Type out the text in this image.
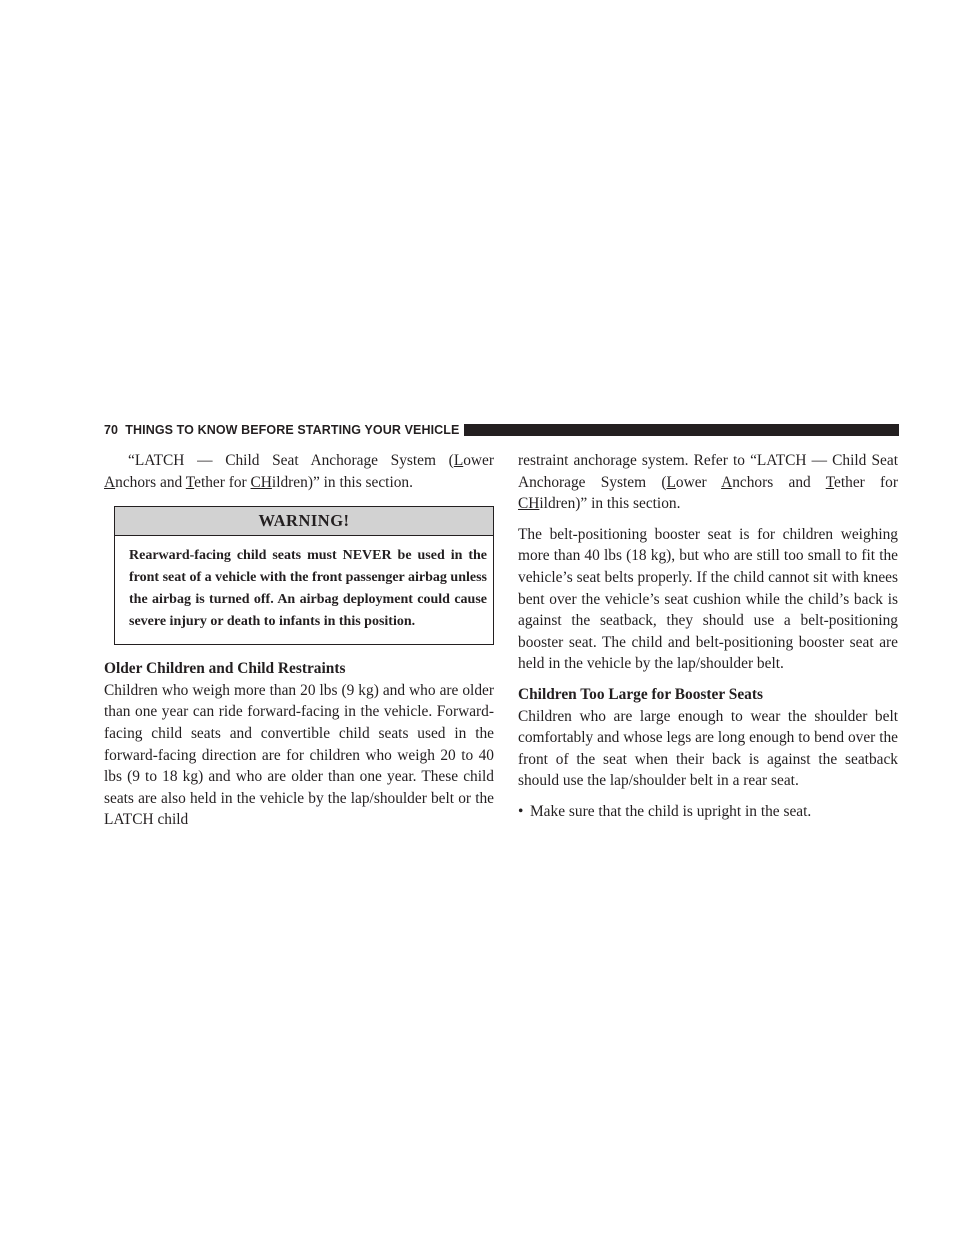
70 THINGS TO KNOW BEFORE STARTING YOUR VEHICLE

“LATCH — Child Seat Anchorage System (Lower Anchors and Tether for CHildren)” in this section.

WARNING!
Rearward-facing child seats must NEVER be used in the front seat of a vehicle with the front passenger airbag unless the airbag is turned off. An airbag deployment could cause severe injury or death to infants in this position.

Older Children and Child Restraints

Children who weigh more than 20 lbs (9 kg) and who are older than one year can ride forward-facing in the vehicle. Forward-facing child seats and convertible child seats used in the forward-facing direction are for children who weigh 20 to 40 lbs (9 to 18 kg) and who are older than one year. These child seats are also held in the vehicle by the lap/shoulder belt or the LATCH child

restraint anchorage system. Refer to “LATCH — Child Seat Anchorage System (Lower Anchors and Tether for CHildren)” in this section.

The belt-positioning booster seat is for children weighing more than 40 lbs (18 kg), but who are still too small to fit the vehicle’s seat belts properly. If the child cannot sit with knees bent over the vehicle’s seat cushion while the child’s back is against the seatback, they should use a belt-positioning booster seat. The child and belt-positioning booster seat are held in the vehicle by the lap/shoulder belt.

Children Too Large for Booster Seats

Children who are large enough to wear the shoulder belt comfortably and whose legs are long enough to bend over the front of the seat when their back is against the seatback should use the lap/shoulder belt in a rear seat.

• Make sure that the child is upright in the seat.
